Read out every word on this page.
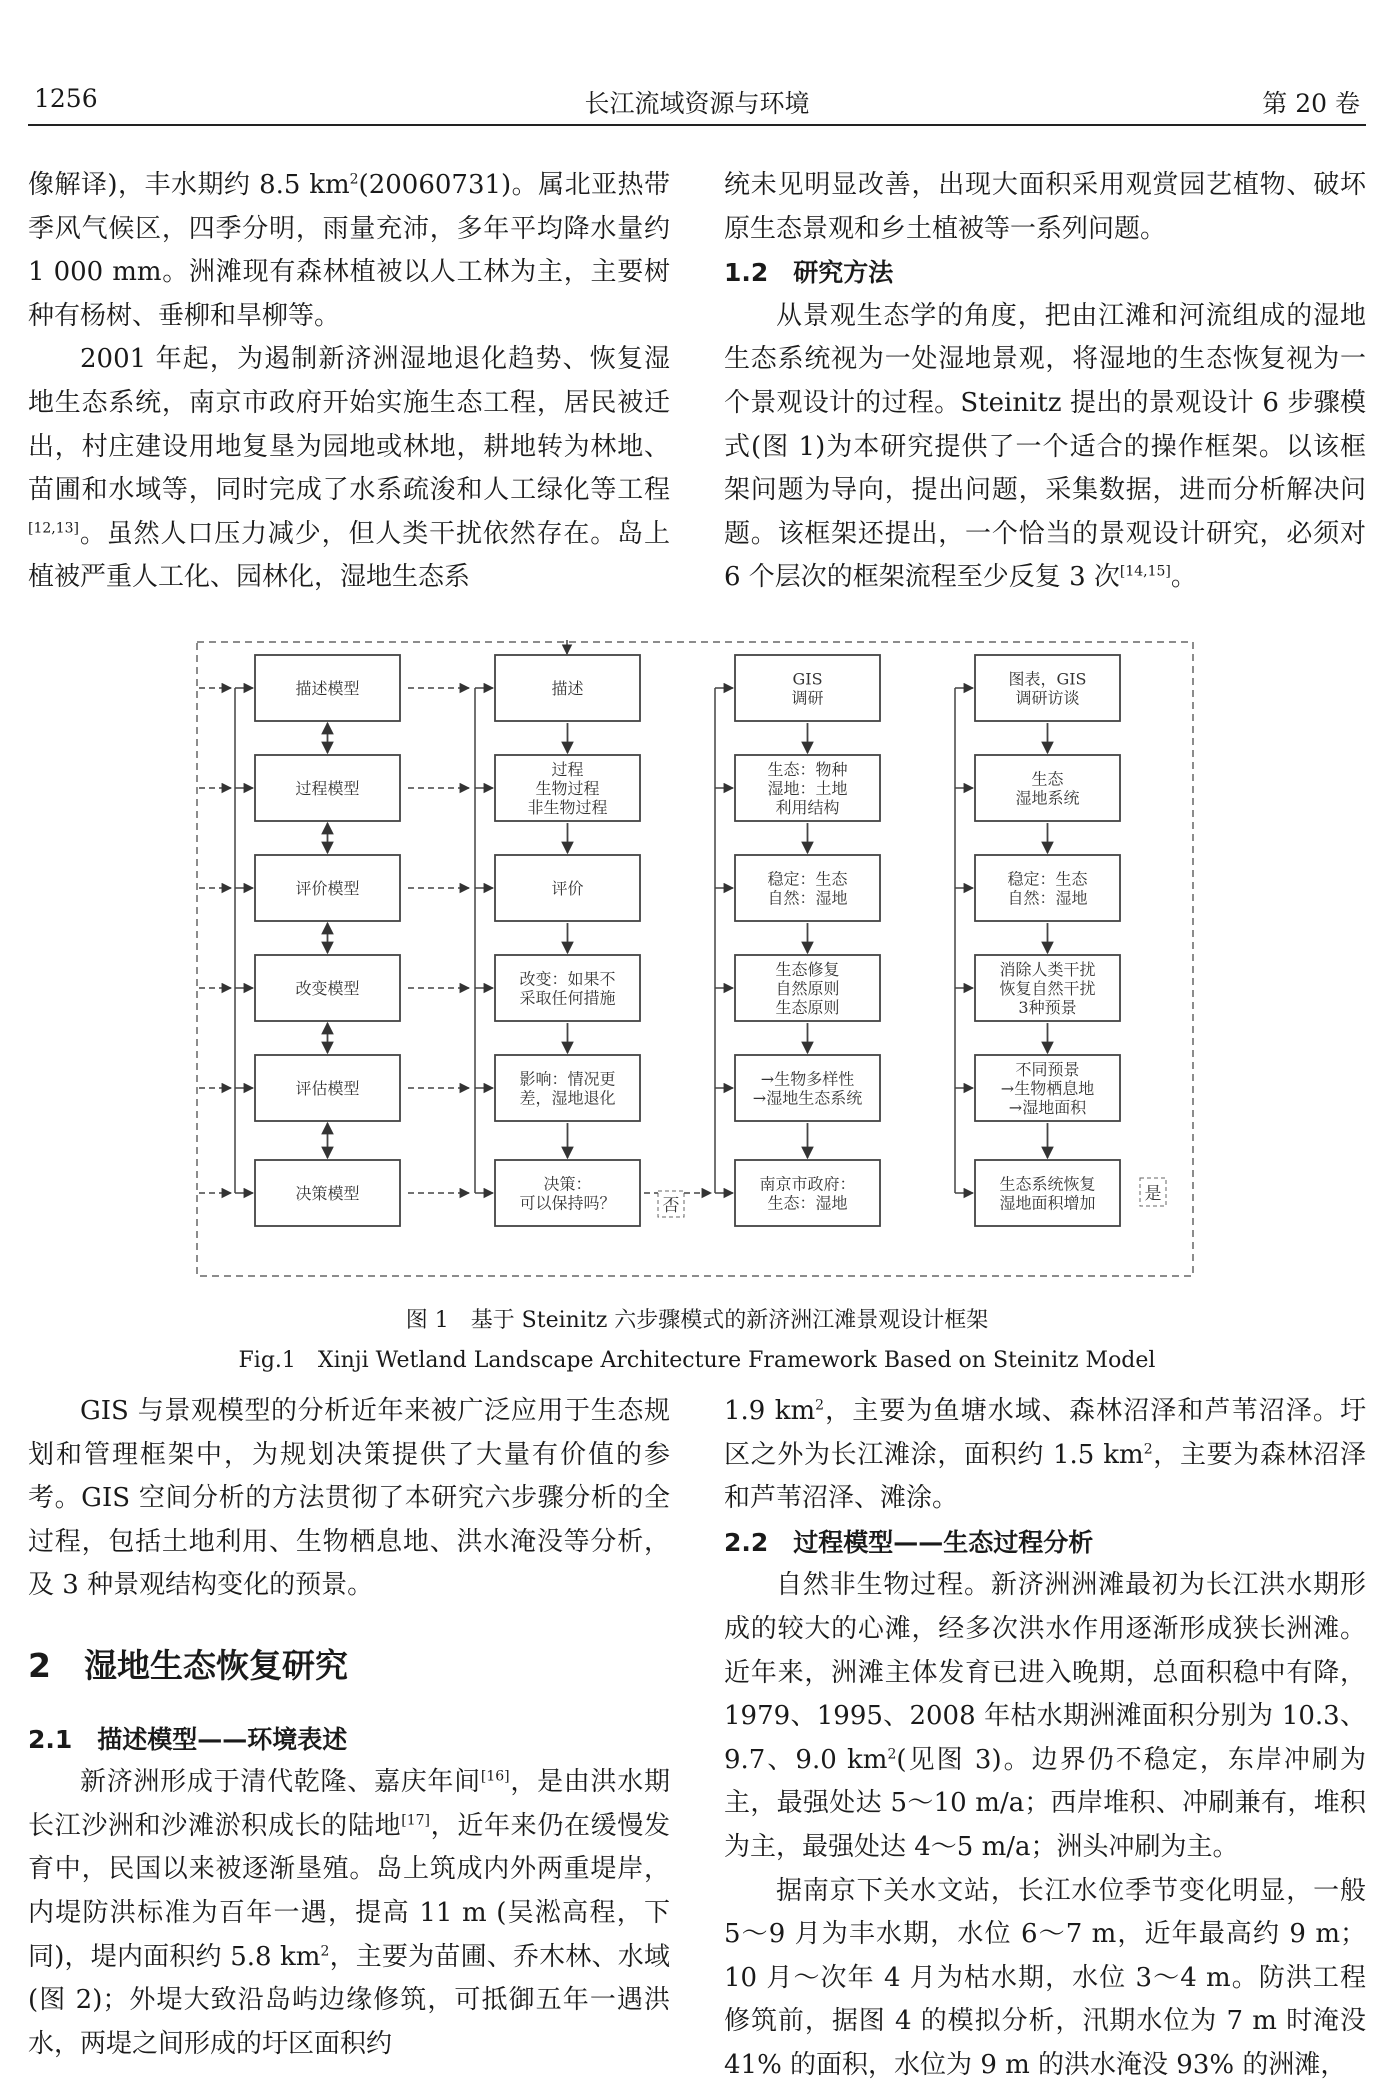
1256	长江流域资源与环境	第 20 卷

像解译)，丰水期约 8.5 $km^2(20060731)$。属北亚热带季风气候区，四季分明，雨量充沛，多年平均降水量约 1 000 mm。洲滩现有森林植被以人工林为主，主要树种有杨树、垂柳和旱柳等。

2001 年起，为遏制新济洲湿地退化趋势、恢复湿地生态系统，南京市政府开始实施生态工程，居民被迁出，村庄建设用地复垦为园地或林地，耕地转为林地、苗圃和水域等，同时完成了水系疏浚和人工绿化等工程[12,13]。虽然人口压力减少，但人类干扰依然存在。岛上植被严重人工化、园林化，湿地生态系

统未见明显改善，出现大面积采用观赏园艺植物、破坏原生态景观和乡土植被等一系列问题。

1.2　研究方法

从景观生态学的角度，把由江滩和河流组成的湿地生态系统视为一处湿地景观，将湿地的生态恢复视为一个景观设计的过程。Steinitz 提出的景观设计 6 步骤模式(图 1)为本研究提供了一个适合的操作框架。以该框架问题为导向，提出问题，采集数据，进而分析解决问题。该框架还提出，一个恰当的景观设计研究，必须对 6 个层次的框架流程至少反复 3 次[14,15]。

描述模型
过程模型
评价模型
改变模型
评估模型
决策模型
描述
过程
生物过程
非生物过程
评价
改变：如果不
采取任何措施
影响：情况更
差，湿地退化
决策：
可以保持吗？
GIS
调研
生态：物种
湿地：土地
利用结构
稳定：生态
自然：湿地
生态修复
自然原则
生态原则
→生物多样性
→湿地生态系统
南京市政府：
生态：湿地
图表，GIS
调研访谈
生态
湿地系统
稳定：生态
自然：湿地
消除人类干扰
恢复自然干扰
3种预景
不同预景
→生物栖息地
→湿地面积
生态系统恢复
湿地面积增加
否
是
图 1　基于 Steinitz 六步骤模式的新济洲江滩景观设计框架
Fig.1　Xinji Wetland Landscape Architecture Framework Based on Steinitz Model

GIS 与景观模型的分析近年来被广泛应用于生态规划和管理框架中，为规划决策提供了大量有价值的参考。GIS 空间分析的方法贯彻了本研究六步骤分析的全过程，包括土地利用、生物栖息地、洪水淹没等分析，及 3 种景观结构变化的预景。

2　湿地生态恢复研究

2.1　描述模型——环境表述

新济洲形成于清代乾隆、嘉庆年间[16]，是由洪水期长江沙洲和沙滩淤积成长的陆地[17]，近年来仍在缓慢发育中，民国以来被逐渐垦殖。岛上筑成内外两重堤岸，内堤防洪标准为百年一遇，提高 11 m (吴淞高程，下同)，堤内面积约 5.8 $km^2$，主要为苗圃、乔木林、水域(图 2)；外堤大致沿岛屿边缘修筑，可抵御五年一遇洪水，两堤之间形成的圩区面积约

1.9 $km^2$，主要为鱼塘水域、森林沼泽和芦苇沼泽。圩区之外为长江滩涂，面积约 1.5 $km^2$，主要为森林沼泽和芦苇沼泽、滩涂。

2.2　过程模型——生态过程分析

自然非生物过程。新济洲洲滩最初为长江洪水期形成的较大的心滩，经多次洪水作用逐渐形成狭长洲滩。近年来，洲滩主体发育已进入晚期，总面积稳中有降，1979、1995、2008 年枯水期洲滩面积分别为 10.3、9.7、9.0 $km^2$(见图 3)。边界仍不稳定，东岸冲刷为主，最强处达 5～10 m/a；西岸堆积、冲刷兼有，堆积为主，最强处达 4～5 m/a；洲头冲刷为主。

据南京下关水文站，长江水位季节变化明显，一般 5～9 月为丰水期，水位 6～7 m，近年最高约 9 m；10 月～次年 4 月为枯水期，水位 3～4 m。防洪工程修筑前，据图 4 的模拟分析，汛期水位为 7 m 时淹没 41% 的面积，水位为 9 m 的洪水淹没 93% 的洲滩，
